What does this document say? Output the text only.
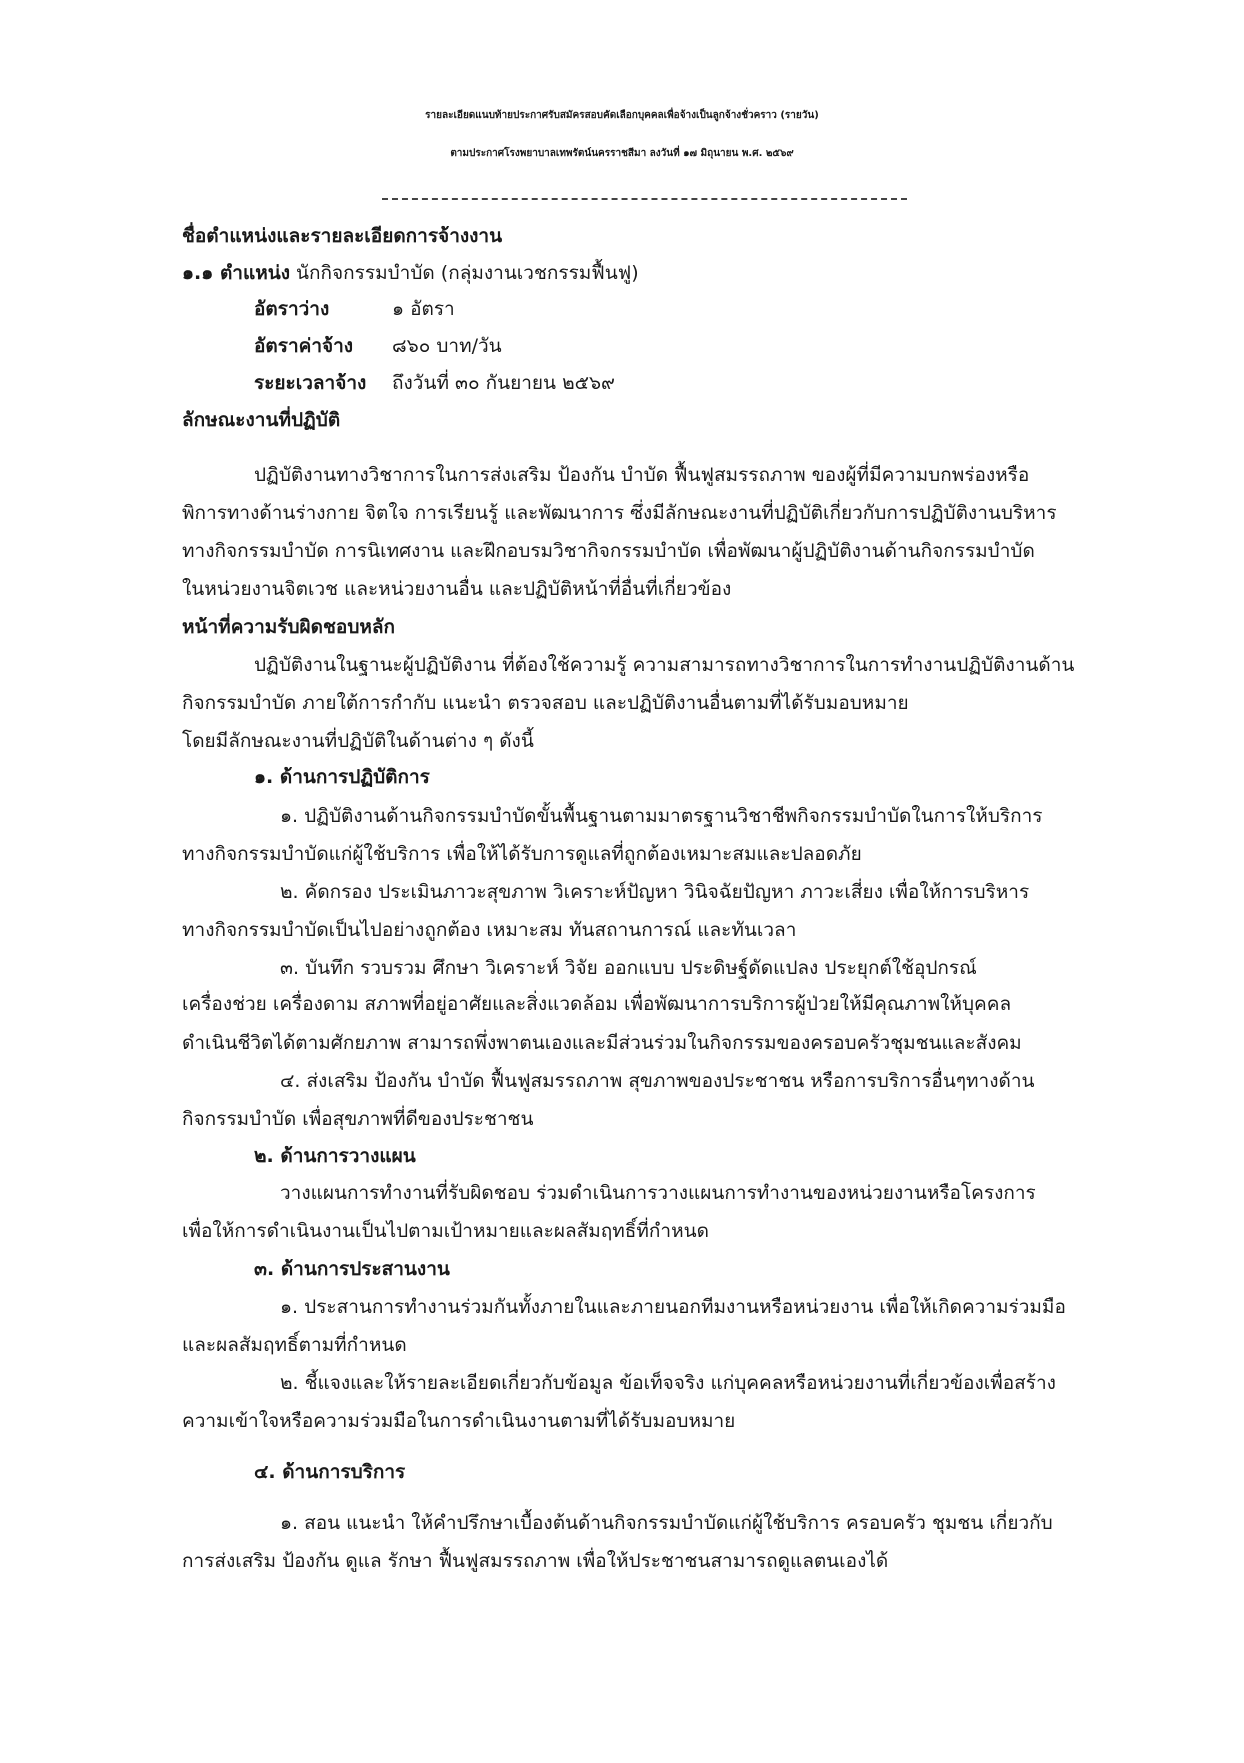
รายละเอียดแนบท้ายประกาศรับสมัครสอบคัดเลือกบุคคลเพื่อจ้างเป็นลูกจ้างชั่วคราว (รายวัน)
ตามประกาศโรงพยาบาลเทพรัตน์นครราชสีมา ลงวันที่ ๑๗ มิถุนายน พ.ศ. ๒๕๖๙
ชื่อตำแหน่งและรายละเอียดการจ้างงาน
๑.๑ ตำแหน่ง นักกิจกรรมบำบัด (กลุ่มงานเวชกรรมฟื้นฟู)
อัตราว่าง	๑ อัตรา
อัตราค่าจ้าง ๘๖๐ บาท/วัน
ระยะเวลาจ้าง ถึงวันที่ ๓๐ กันยายน ๒๕๖๙
ลักษณะงานที่ปฏิบัติ
ปฏิบัติงานทางวิชาการในการส่งเสริม ป้องกัน บำบัด ฟื้นฟูสมรรถภาพ ของผู้ที่มีความบกพร่องหรือ
พิการทางด้านร่างกาย จิตใจ การเรียนรู้ และพัฒนาการ ซึ่งมีลักษณะงานที่ปฏิบัติเกี่ยวกับการปฏิบัติงานบริหาร
ทางกิจกรรมบำบัด การนิเทศงาน และฝึกอบรมวิชากิจกรรมบำบัด เพื่อพัฒนาผู้ปฏิบัติงานด้านกิจกรรมบำบัด
ในหน่วยงานจิตเวช และหน่วยงานอื่น และปฏิบัติหน้าที่อื่นที่เกี่ยวข้อง
หน้าที่ความรับผิดชอบหลัก
ปฏิบัติงานในฐานะผู้ปฏิบัติงาน ที่ต้องใช้ความรู้ ความสามารถทางวิชาการในการทำงานปฏิบัติงานด้าน
กิจกรรมบำบัด ภายใต้การกำกับ แนะนำ ตรวจสอบ และปฏิบัติงานอื่นตามที่ได้รับมอบหมาย
โดยมีลักษณะงานที่ปฏิบัติในด้านต่าง ๆ ดังนี้
๑. ด้านการปฏิบัติการ
๑. ปฏิบัติงานด้านกิจกรรมบำบัดขั้นพื้นฐานตามมาตรฐานวิชาชีพกิจกรรมบำบัดในการให้บริการ
ทางกิจกรรมบำบัดแก่ผู้ใช้บริการ เพื่อให้ได้รับการดูแลที่ถูกต้องเหมาะสมและปลอดภัย
๒. คัดกรอง ประเมินภาวะสุขภาพ วิเคราะห์ปัญหา วินิจฉัยปัญหา ภาวะเสี่ยง เพื่อให้การบริหาร
ทางกิจกรรมบำบัดเป็นไปอย่างถูกต้อง เหมาะสม ทันสถานการณ์ และทันเวลา
๓. บันทึก รวบรวม ศึกษา วิเคราะห์ วิจัย ออกแบบ ประดิษฐ์ดัดแปลง ประยุกต์ใช้อุปกรณ์
เครื่องช่วย เครื่องดาม สภาพที่อยู่อาศัยและสิ่งแวดล้อม เพื่อพัฒนาการบริการผู้ป่วยให้มีคุณภาพให้บุคคล
ดำเนินชีวิตได้ตามศักยภาพ สามารถพึ่งพาตนเองและมีส่วนร่วมในกิจกรรมของครอบครัวชุมชนและสังคม
๔. ส่งเสริม ป้องกัน บำบัด ฟื้นฟูสมรรถภาพ สุขภาพของประชาชน หรือการบริการอื่นๆทางด้าน
กิจกรรมบำบัด เพื่อสุขภาพที่ดีของประชาชน
๒. ด้านการวางแผน
วางแผนการทำงานที่รับผิดชอบ ร่วมดำเนินการวางแผนการทำงานของหน่วยงานหรือโครงการ
เพื่อให้การดำเนินงานเป็นไปตามเป้าหมายและผลสัมฤทธิ์ที่กำหนด
๓. ด้านการประสานงาน
๑. ประสานการทำงานร่วมกันทั้งภายในและภายนอกทีมงานหรือหน่วยงาน เพื่อให้เกิดความร่วมมือ
และผลสัมฤทธิ์ตามที่กำหนด
๒. ชี้แจงและให้รายละเอียดเกี่ยวกับข้อมูล ข้อเท็จจริง แก่บุคคลหรือหน่วยงานที่เกี่ยวข้องเพื่อสร้าง
ความเข้าใจหรือความร่วมมือในการดำเนินงานตามที่ได้รับมอบหมาย
๔. ด้านการบริการ
๑. สอน แนะนำ ให้คำปรึกษาเบื้องต้นด้านกิจกรรมบำบัดแก่ผู้ใช้บริการ ครอบครัว ชุมชน เกี่ยวกับ
การส่งเสริม ป้องกัน ดูแล รักษา ฟื้นฟูสมรรถภาพ เพื่อให้ประชาชนสามารถดูแลตนเองได้
